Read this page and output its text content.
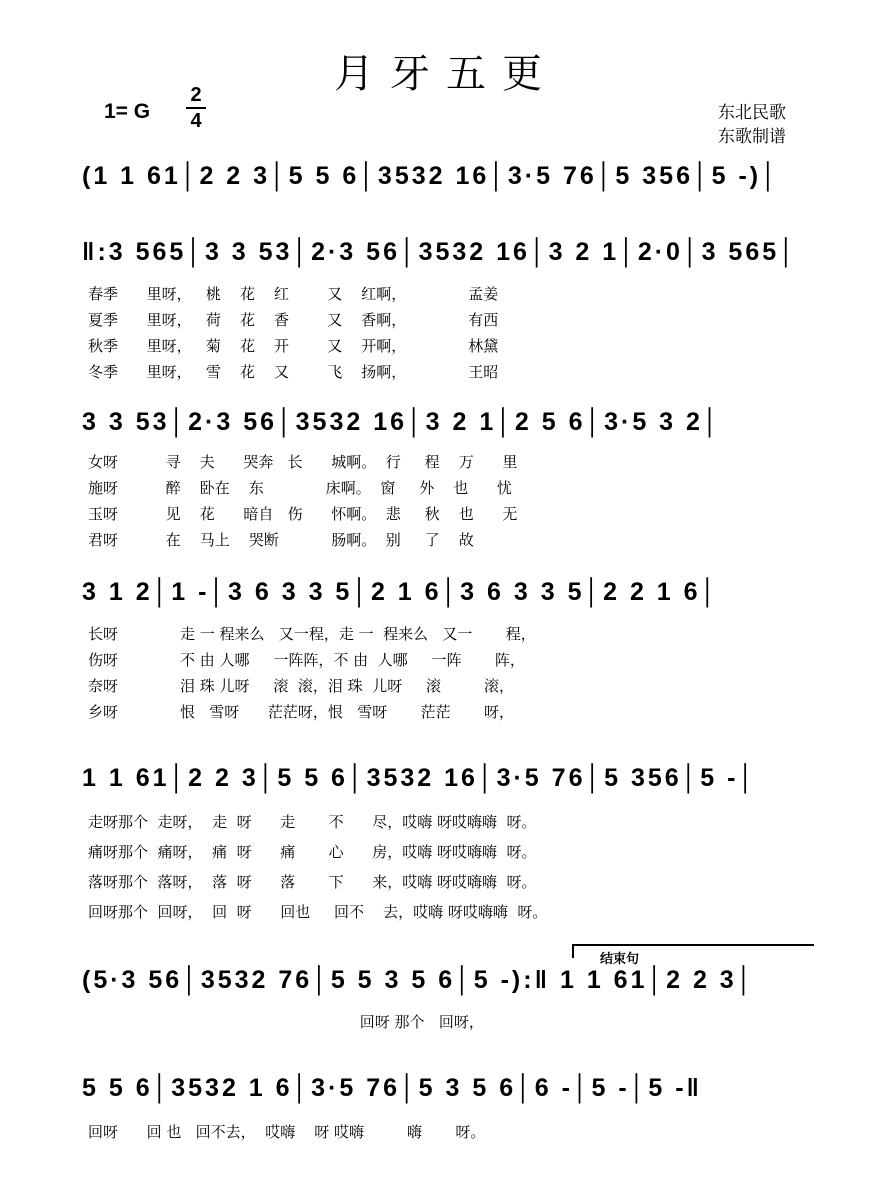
月牙五更
1= G
2
4	东北民歌
东歌制谱
(1 1 61│2 2 3│5 5 6│3532 16│3·5 76│5 356│5 -)│
‖:3 565│3 3 53│2·3 56│3532 16│3 2 1│2·0│3 565│
春季      里呀，   桃    花    红        又    红啊，             孟姜
夏季      里呀，   荷    花    香        又    香啊，             有西
秋季      里呀，   菊    花    开        又    开啊，             林黛
冬季      里呀，   雪    花    又        飞    扬啊，             王昭
3 3 53│2·3 56│3532 16│3 2 1│2 5 6│3·5 3 2│
女呀          寻    夫      哭奔   长      城啊。  行     程    万      里
施呀          醉    卧在    东             床啊。  窗     外    也      忧
玉呀          见    花      暗自   伤      怀啊。  悲     秋    也      无
君呀          在    马上    哭断           肠啊。  别     了    故
3 1 2│1 -│3 6 3 3 5│2 1 6│3 6 3 3 5│2 2 1 6│
长呀             走 一 程来么   又一程，走 一  程来么   又一       程，
伤呀             不 由 人哪     一阵阵，不 由  人哪     一阵       阵，
奈呀             泪 珠 儿呀     滚  滚，泪 珠  儿呀     滚         滚，
乡呀             恨   雪呀      茫茫呀，恨   雪呀       茫茫       呀，
1 1 61│2 2 3│5 5 6│3532 16│3·5 76│5 356│5 -│
走呀那个  走呀，  走  呀      走       不      尽，哎嗨 呀哎嗨嗨  呀。
痛呀那个  痛呀，  痛  呀      痛       心      房，哎嗨 呀哎嗨嗨  呀。
落呀那个  落呀，  落  呀      落       下      来，哎嗨 呀哎嗨嗨  呀。
回呀那个  回呀，  回  呀      回也     回不    去，哎嗨 呀哎嗨嗨  呀。
结束句
(5·3 56│3532 76│5 5 3 5 6│5 -):‖ 1 1 61│2 2 3│
回呀 那个   回呀，
5 5 6│3532 1 6│3·5 76│5 3 5 6│6 -│5 -│5 -‖
回呀      回 也   回不去，  哎嗨    呀 哎嗨         嗨       呀。
